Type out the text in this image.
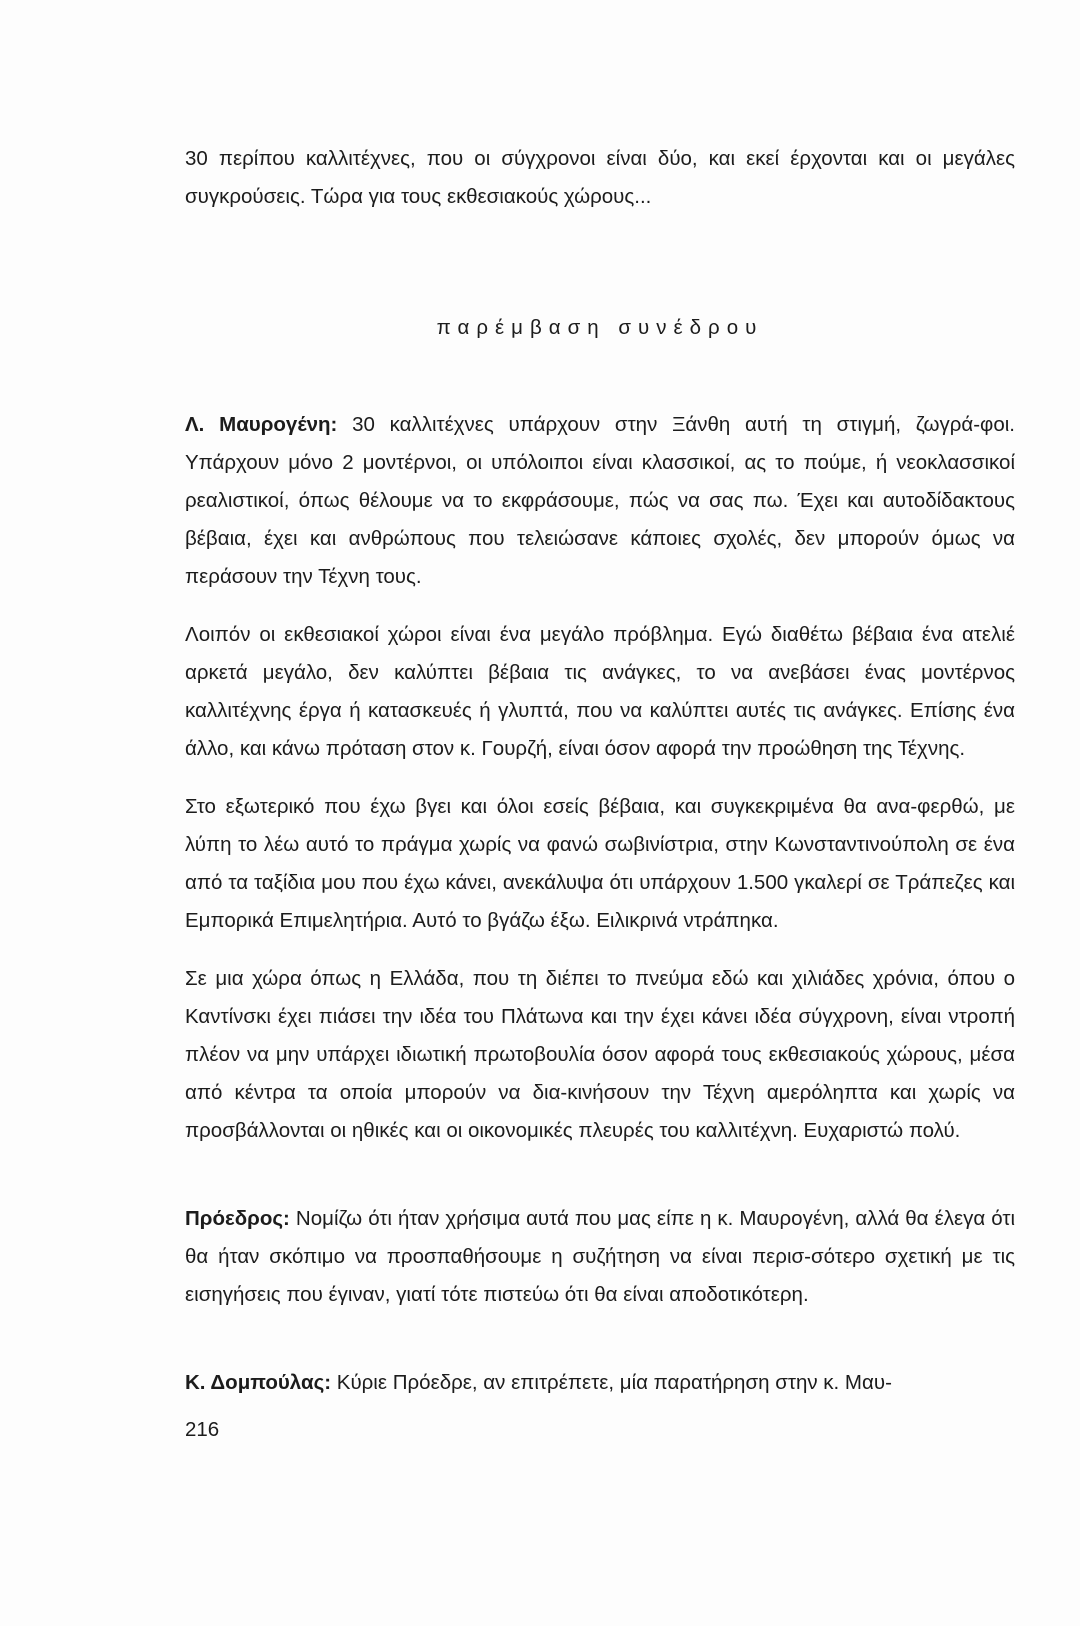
30 περίπου καλλιτέχνες, που οι σύγχρονοι είναι δύο, και εκεί έρχονται και οι μεγάλες συγκρούσεις. Τώρα για τους εκθεσιακούς χώρους...

παρέμβαση συνέδρου

Λ. Μαυρογένη: 30 καλλιτέχνες υπάρχουν στην Ξάνθη αυτή τη στιγμή, ζωγρά-φοι. Υπάρχουν μόνο 2 μοντέρνοι, οι υπόλοιποι είναι κλασσικοί, ας το πούμε, ή νεοκλασσικοί ρεαλιστικοί, όπως θέλουμε να το εκφράσουμε, πώς να σας πω. Έχει και αυτοδίδακτους βέβαια, έχει και ανθρώπους που τελειώσανε κάποιες σχολές, δεν μπορούν όμως να περάσουν την Τέχνη τους.

Λοιπόν οι εκθεσιακοί χώροι είναι ένα μεγάλο πρόβλημα. Εγώ διαθέτω βέβαια ένα ατελιέ αρκετά μεγάλο, δεν καλύπτει βέβαια τις ανάγκες, το να ανεβάσει ένας μοντέρνος καλλιτέχνης έργα ή κατασκευές ή γλυπτά, που να καλύπτει αυτές τις ανάγκες. Επίσης ένα άλλο, και κάνω πρόταση στον κ. Γουρζή, είναι όσον αφορά την προώθηση της Τέχνης.

Στο εξωτερικό που έχω βγει και όλοι εσείς βέβαια, και συγκεκριμένα θα ανα-φερθώ, με λύπη το λέω αυτό το πράγμα χωρίς να φανώ σωβινίστρια, στην Κωνσταντινούπολη σε ένα από τα ταξίδια μου που έχω κάνει, ανεκάλυψα ότι υπάρχουν 1.500 γκαλερί σε Τράπεζες και Εμπορικά Επιμελητήρια. Αυτό το βγάζω έξω. Ειλικρινά ντράπηκα.

Σε μια χώρα όπως η Ελλάδα, που τη διέπει το πνεύμα εδώ και χιλιάδες χρόνια, όπου ο Καντίνσκι έχει πιάσει την ιδέα του Πλάτωνα και την έχει κάνει ιδέα σύγχρονη, είναι ντροπή πλέον να μην υπάρχει ιδιωτική πρωτοβουλία όσον αφορά τους εκθεσιακούς χώρους, μέσα από κέντρα τα οποία μπορούν να δια-κινήσουν την Τέχνη αμερόληπτα και χωρίς να προσβάλλονται οι ηθικές και οι οικονομικές πλευρές του καλλιτέχνη. Ευχαριστώ πολύ.

Πρόεδρος: Νομίζω ότι ήταν χρήσιμα αυτά που μας είπε η κ. Μαυρογένη, αλλά θα έλεγα ότι θα ήταν σκόπιμο να προσπαθήσουμε η συζήτηση να είναι περισ-σότερο σχετική με τις εισηγήσεις που έγιναν, γιατί τότε πιστεύω ότι θα είναι αποδοτικότερη.

Κ. Δομπούλας: Κύριε Πρόεδρε, αν επιτρέπετε, μία παρατήρηση στην κ. Μαυ-

216
